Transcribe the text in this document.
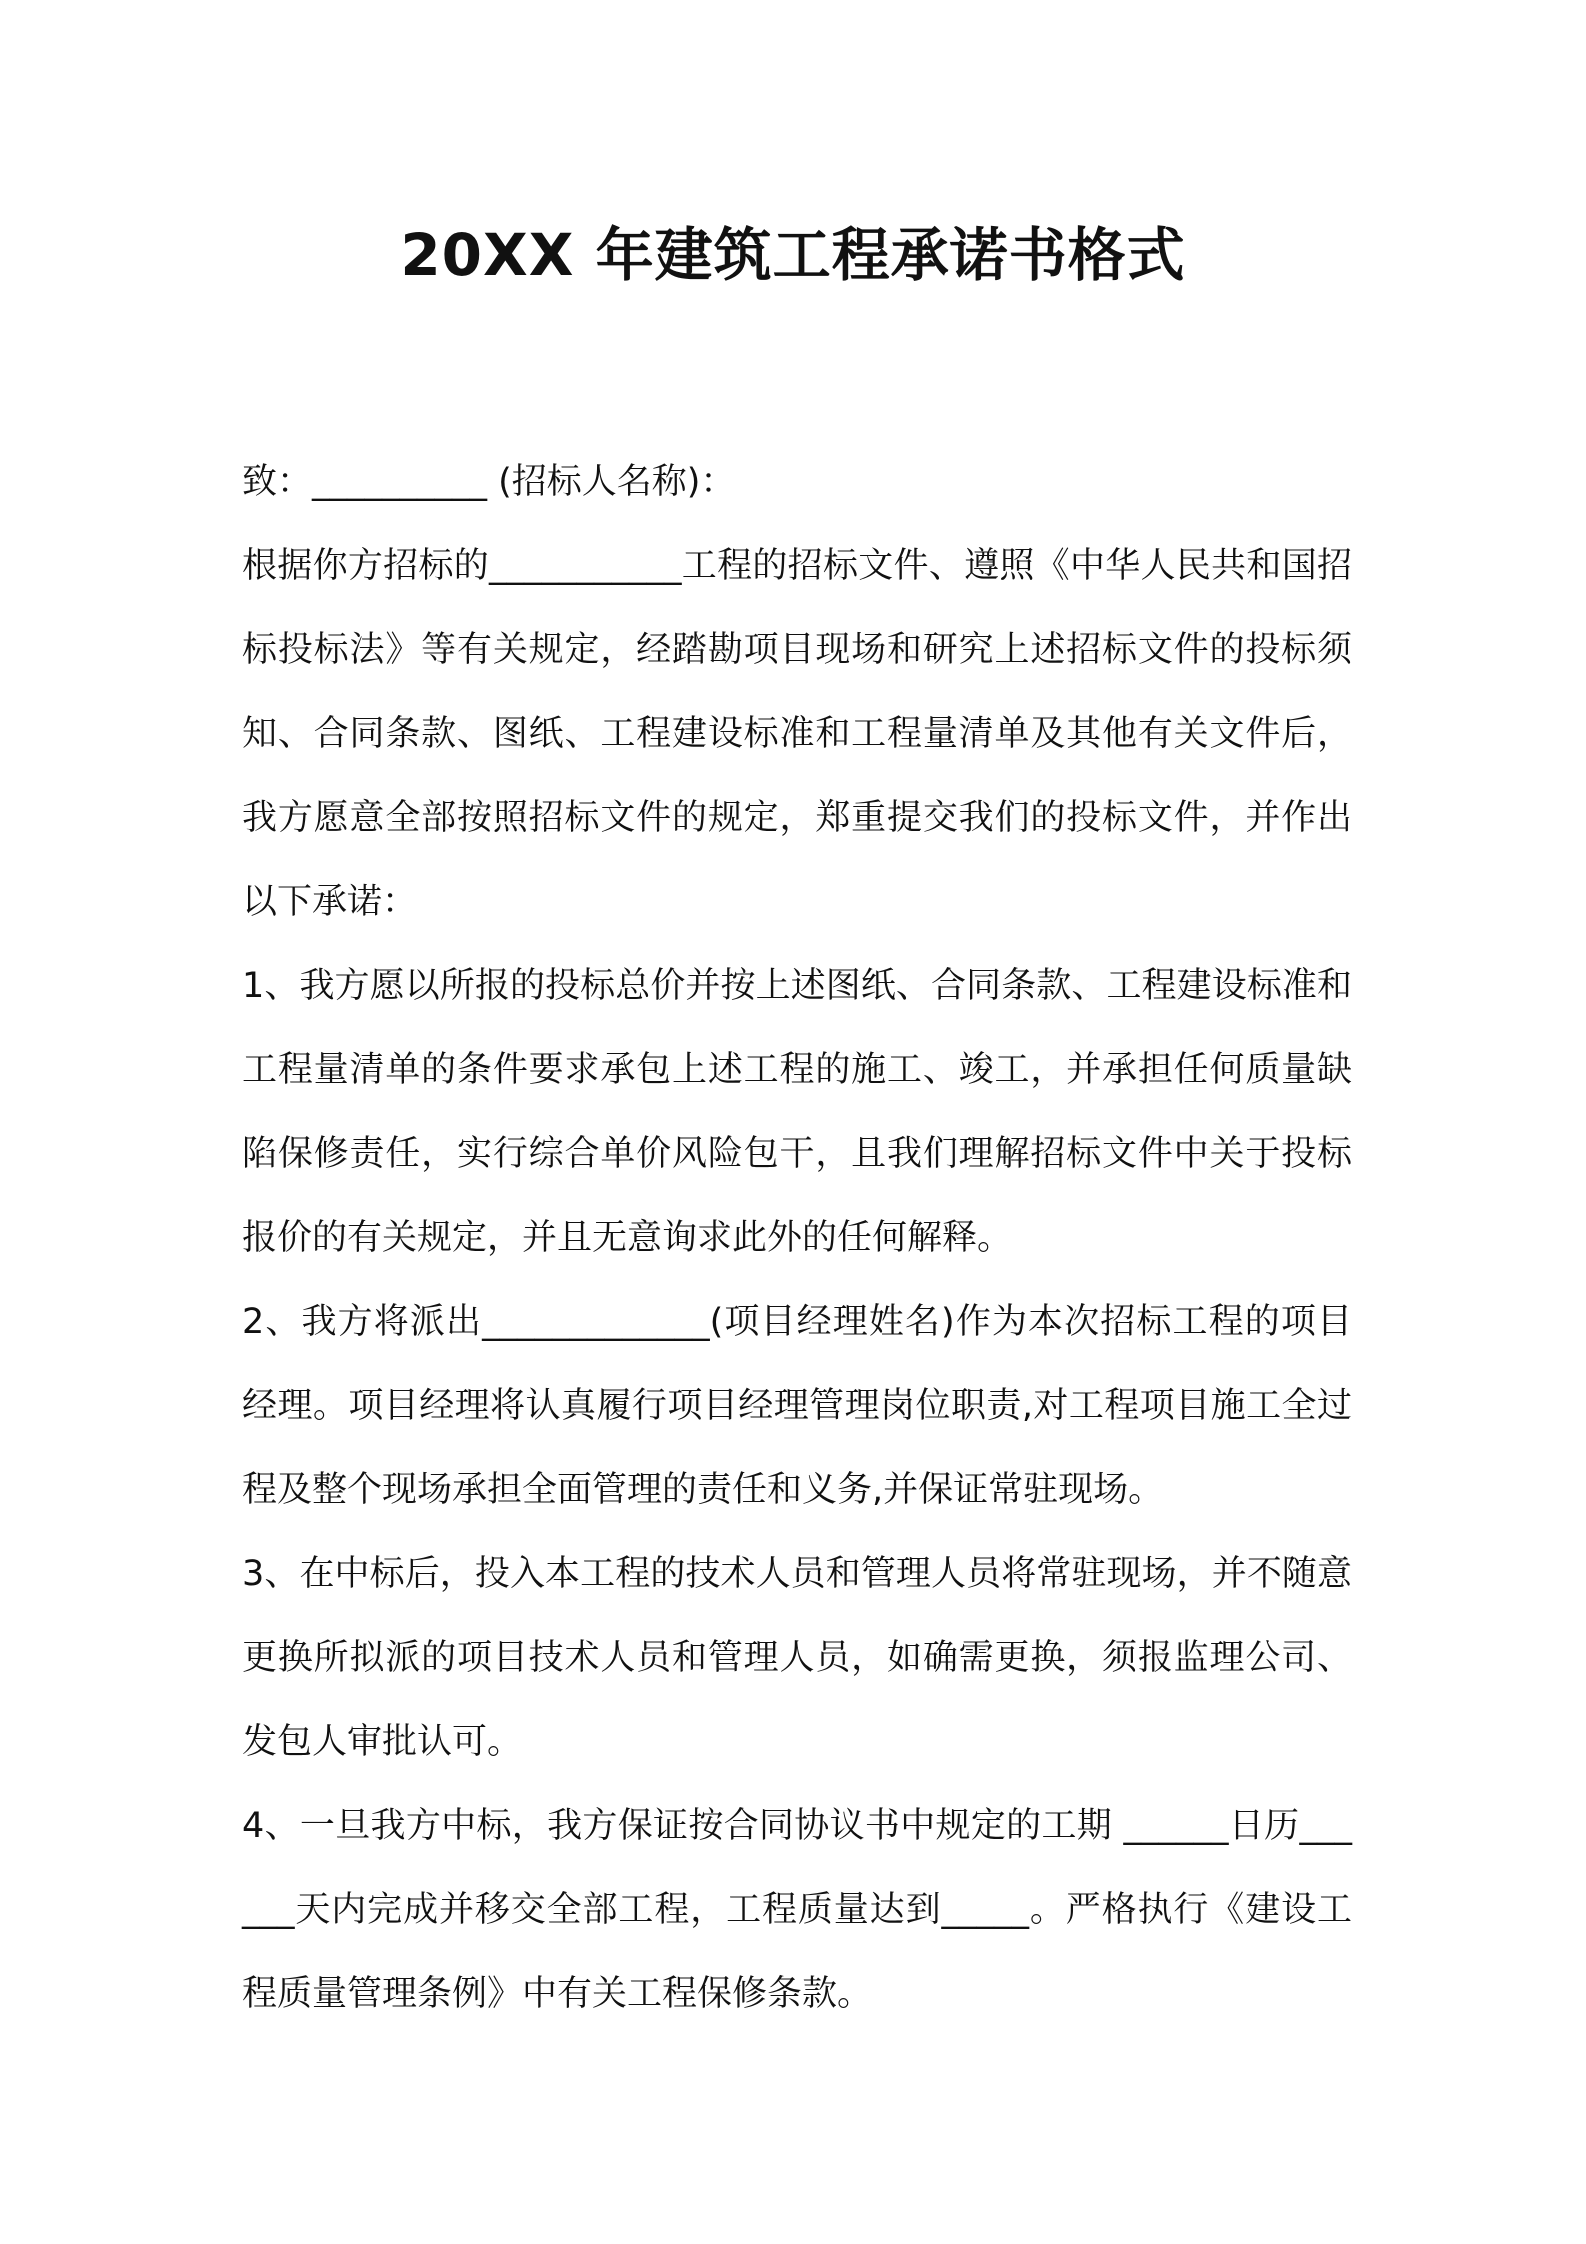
20XX 年建筑工程承诺书格式

致：__________ (招标人名称)：

根据你方招标的___________工程的招标文件、遵照《中华人民共和国招标投标法》等有关规定，经踏勘项目现场和研究上述招标文件的投标须知、合同条款、图纸、工程建设标准和工程量清单及其他有关文件后，我方愿意全部按照招标文件的规定，郑重提交我们的投标文件，并作出以下承诺：

1、我方愿以所报的投标总价并按上述图纸、合同条款、工程建设标准和工程量清单的条件要求承包上述工程的施工、竣工，并承担任何质量缺陷保修责任，实行综合单价风险包干，且我们理解招标文件中关于投标报价的有关规定，并且无意询求此外的任何解释。

2、我方将派出_____________(项目经理姓名)作为本次招标工程的项目经理。项目经理将认真履行项目经理管理岗位职责,对工程项目施工全过程及整个现场承担全面管理的责任和义务,并保证常驻现场。

3、在中标后，投入本工程的技术人员和管理人员将常驻现场，并不随意更换所拟派的项目技术人员和管理人员，如确需更换，须报监理公司、发包人审批认可。

4、一旦我方中标，我方保证按合同协议书中规定的工期 ______日历______天内完成并移交全部工程，工程质量达到_____。严格执行《建设工程质量管理条例》中有关工程保修条款。
